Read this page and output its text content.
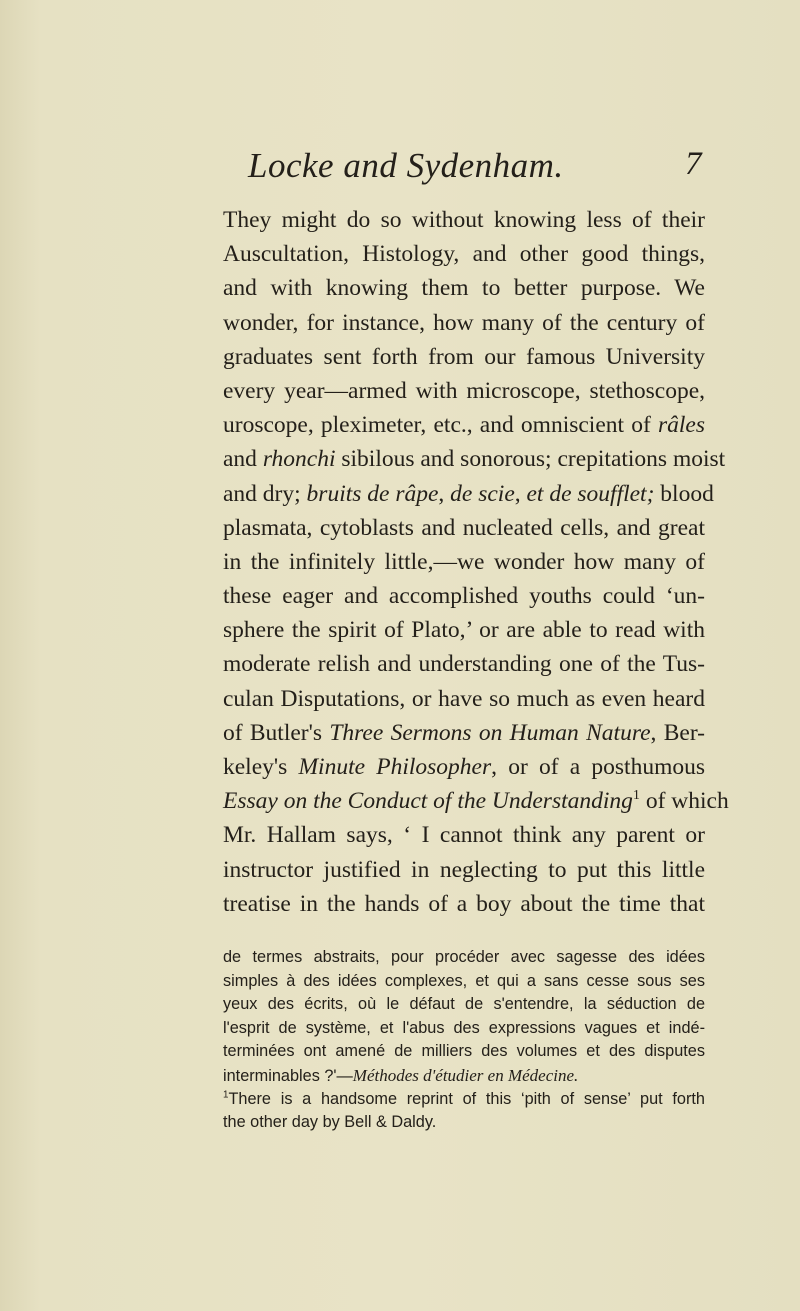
Locke and Sydenham.	7
They might do so without knowing less of their
Auscultation, Histology, and other good things,
and with knowing them to better purpose. We
wonder, for instance, how many of the century of
graduates sent forth from our famous University
every year—armed with microscope, stethoscope,
uroscope, pleximeter, etc., and omniscient of râles
and rhonchi sibilous and sonorous; crepitations moist
and dry; bruits de râpe, de scie, et de soufflet; blood
plasmata, cytoblasts and nucleated cells, and great
in the infinitely little,—we wonder how many of
these eager and accomplished youths could ‘un-
sphere the spirit of Plato,’ or are able to read with
moderate relish and understanding one of the Tus-
culan Disputations, or have so much as even heard
of Butler's Three Sermons on Human Nature, Ber-
keley's Minute Philosopher, or of a posthumous
Essay on the Conduct of the Understanding$^1$ of which
Mr. Hallam says, ‘ I cannot think any parent or
instructor justified in neglecting to put this little
treatise in the hands of a boy about the time that
de termes abstraits, pour procéder avec sagesse des idées
simples à des idées complexes, et qui a sans cesse sous ses
yeux des écrits, où le défaut de s'entendre, la séduction de
l'esprit de système, et l'abus des expressions vagues et indé-
terminées ont amené de milliers des volumes et des disputes
interminables ?'—Méthodes d'étudier en Médecine.
$^1$There is a handsome reprint of this ‘pith of sense’ put forth
the other day by Bell & Daldy.
